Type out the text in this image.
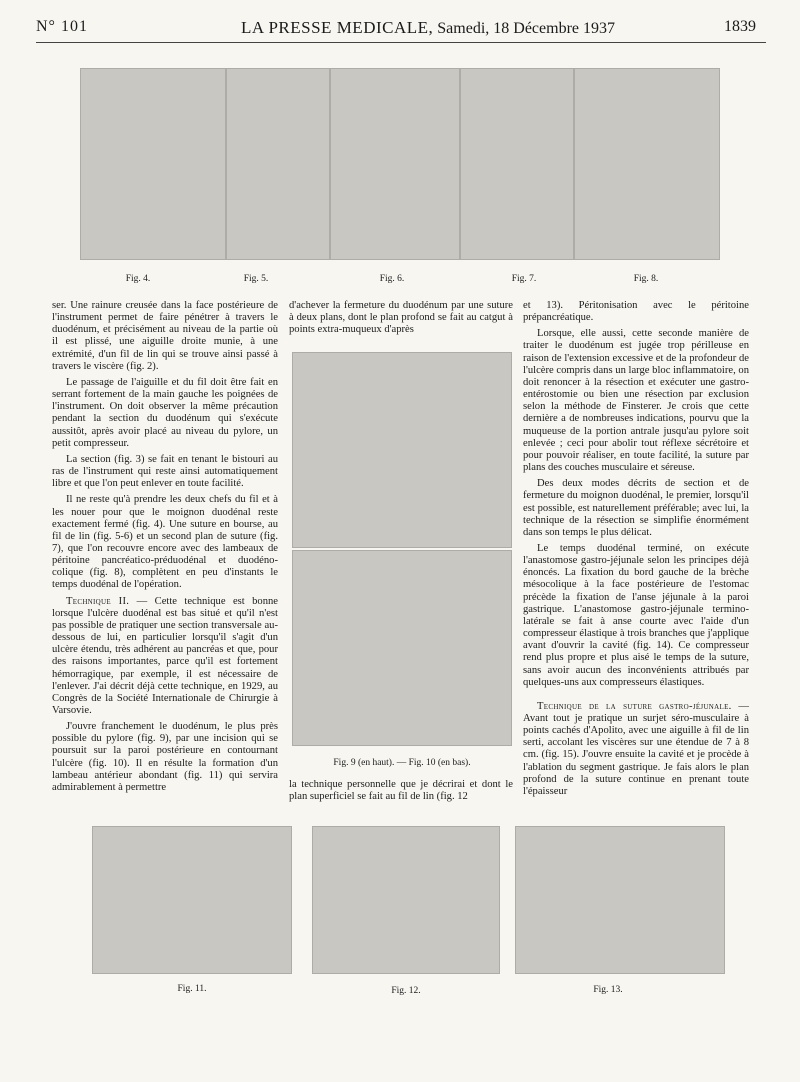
N° 101	LA PRESSE MEDICALE, Samedi, 18 Décembre 1937	1839
Fig. 4.	Fig. 5.	Fig. 6.	Fig. 7.	Fig. 8.

ser. Une rainure creusée dans la face postérieure de l'instrument permet de faire pénétrer à travers le duodénum, et précisément au niveau de la partie où il est plissé, une aiguille droite munie, à une extrémité, d'un fil de lin qui se trouve ainsi passé à travers le viscère (fig. 2).

Le passage de l'aiguille et du fil doit être fait en serrant fortement de la main gauche les poignées de l'instrument. On doit observer la même précaution pendant la section du duodénum qui s'exécute aussitôt, après avoir placé au niveau du pylore, un petit compresseur.

La section (fig. 3) se fait en tenant le bistouri au ras de l'instrument qui reste ainsi automatiquement libre et que l'on peut enlever en toute facilité.

Il ne reste qu'à prendre les deux chefs du fil et à les nouer pour que le moignon duodénal reste exactement fermé (fig. 4). Une suture en bourse, au fil de lin (fig. 5-6) et un second plan de suture (fig. 7), que l'on recouvre encore avec des lambeaux de péritoine pancréatico-préduodénal et duodéno-colique (fig. 8), complètent en peu d'instants le temps duodénal de l'opération.

Technique II. — Cette technique est bonne lorsque l'ulcère duodénal est bas situé et qu'il n'est pas possible de pratiquer une section transversale au-dessous de lui, en particulier lorsqu'il s'agit d'un ulcère étendu, très adhérent au pancréas et que, pour des raisons importantes, parce qu'il est fortement hémorragique, par exemple, il est nécessaire de l'enlever. J'ai décrit déjà cette technique, en 1929, au Congrès de la Société Internationale de Chirurgie à Varsovie.

J'ouvre franchement le duodénum, le plus près possible du pylore (fig. 9), par une incision qui se poursuit sur la paroi postérieure en contournant l'ulcère (fig. 10). Il en résulte la formation d'un lambeau antérieur abondant (fig. 11) qui servira admirablement à permettre

d'achever la fermeture du duodénum par une suture à deux plans, dont le plan profond se fait au catgut à points extra-muqueux d'après
Fig. 9 (en haut). — Fig. 10 (en bas).
la technique personnelle que je décrirai et dont le plan superficiel se fait au fil de lin (fig. 12

et 13). Péritonisation avec le péritoine prépancréatique.

Lorsque, elle aussi, cette seconde manière de traiter le duodénum est jugée trop périlleuse en raison de l'extension excessive et de la profondeur de l'ulcère compris dans un large bloc inflammatoire, on doit renoncer à la résection et exécuter une gastro-entérostomie ou bien une résection par exclusion selon la méthode de Finsterer. Je crois que cette dernière a de nombreuses indications, pourvu que la muqueuse de la portion antrale jusqu'au pylore soit enlevée ; ceci pour abolir tout réflexe sécrétoire et pour pouvoir réaliser, en toute facilité, la suture par plans des couches musculaire et séreuse.

Des deux modes décrits de section et de fermeture du moignon duodénal, le premier, lorsqu'il est possible, est naturellement préférable; avec lui, la technique de la résection se simplifie énormément dans son temps le plus délicat.

Le temps duodénal terminé, on exécute l'anastomose gastro-jéjunale selon les principes déjà énoncés. La fixation du bord gauche de la brèche mésocolique à la face postérieure de l'estomac précède la fixation de l'anse jéjunale à la paroi gastrique. L'anastomose gastro-jéjunale termino-latérale se fait à anse courte avec l'aide d'un compresseur élastique à trois branches que j'applique avant d'ouvrir la cavité (fig. 14). Ce compresseur rend plus propre et plus aisé le temps de la suture, sans avoir aucun des inconvénients attribués par quelques-uns aux compresseurs élastiques.

Technique de la suture gastro-jéjunale. — Avant tout je pratique un surjet séro-musculaire à points cachés d'Apolito, avec une aiguille à fil de lin serti, accolant les viscères sur une étendue de 7 à 8 cm. (fig. 15). J'ouvre ensuite la cavité et je procède à l'ablation du segment gastrique. Je fais alors le plan profond de la suture continue en prenant toute l'épaisseur

Fig. 11.	Fig. 12.	Fig. 13.
